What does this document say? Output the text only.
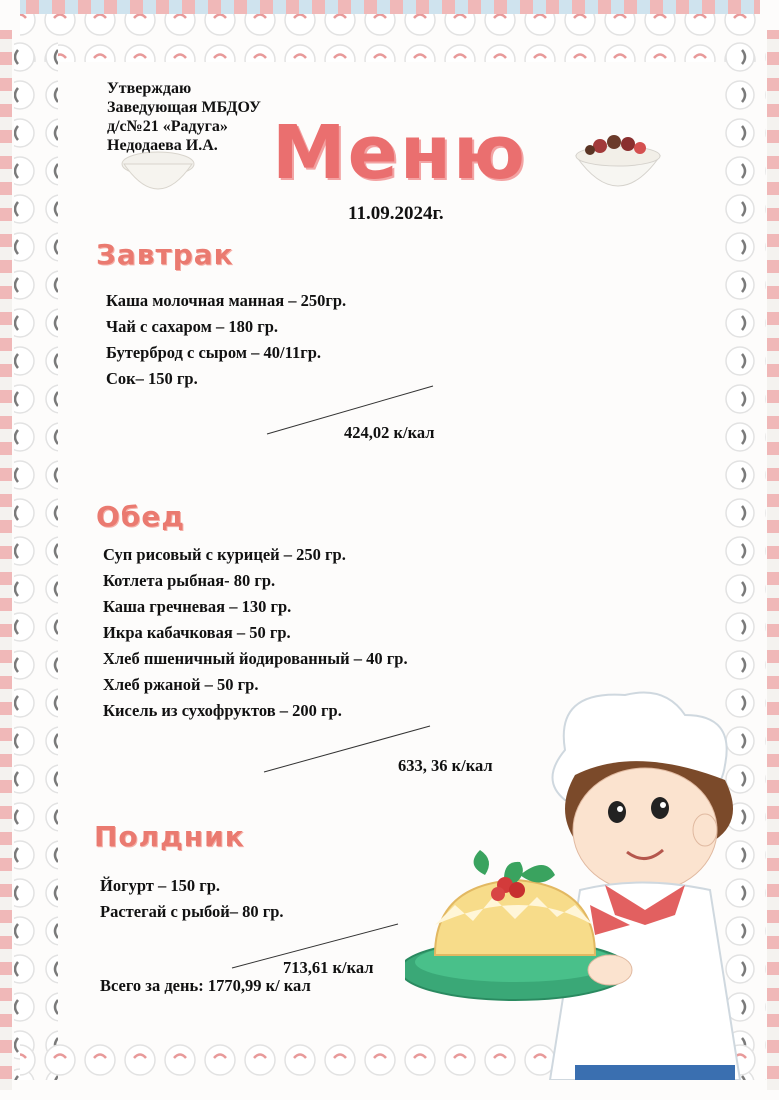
Утверждаю
Заведующая МБДОУ
д/с№21 «Радуга»
Недодаева И.А. Меню
11.09.2024г.
Завтрак
Каша молочная манная – 250гр.
Чай с сахаром – 180 гр.
Бутерброд с сыром – 40/11гр.
Сок– 150 гр.
424,02 к/кал
Обед
Суп рисовый с курицей – 250 гр.
Котлета рыбная- 80 гр.
Каша гречневая – 130 гр.
Икра кабачковая – 50 гр.
Хлеб пшеничный йодированный – 40 гр.
Хлеб ржаной – 50 гр.
Кисель из сухофруктов – 200 гр.
633, 36 к/кал
Полдник
Йогурт – 150 гр.
Растегай с рыбой– 80 гр.
713,61 к/кал
Всего за день: 1770,99 к/ кал
